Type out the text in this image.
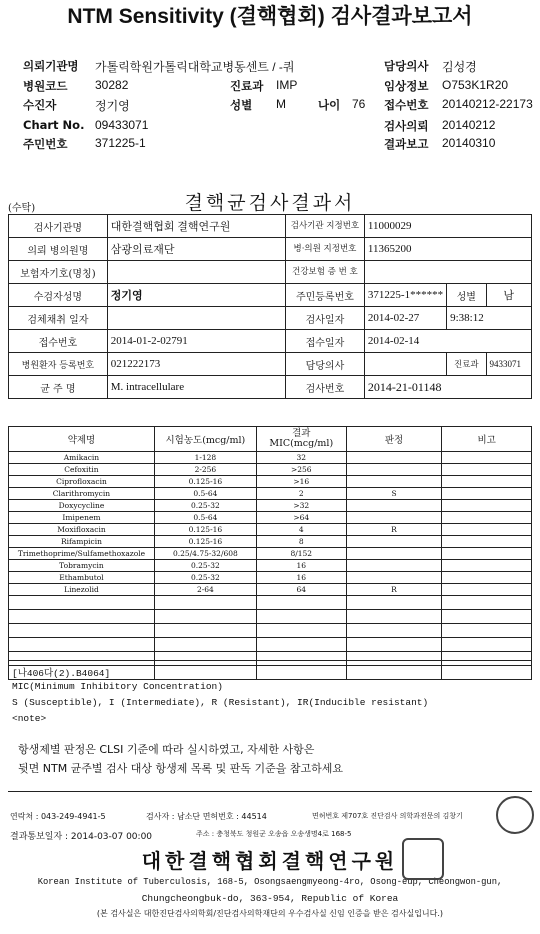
NTM Sensitivity (결핵협회) 검사결과보고서
의뢰기관명 가톨릭학원가톨릭대학교병동센트 / -쿼
병원코드 30282
수진자	정기영
Chart No. 09433071
주민번호 371225-1
진료과 IMP
성별 M	나이 76
담당의사 김성경
임상정보 O753K1R20
접수번호 20140212-22173
검사의뢰 20140212
결과보고 20140310
(수탁)	결핵균검사결과서
검사기관명	대한결핵협회 결핵연구원	검사기관 지정번호	11000029		
의뢰 병의원명	삼광의료재단	병·의원 지정번호	11365200		
보험자기호(명칭)		건강보험 증 번 호			
수검자성명	정기영	주민등록번호	371225-1******	성별	남
검체채취 일자		검사일자	2014-02-27	9:38:12	
접수번호	2014-01-2-02791	접수일자	2014-02-14		
병원환자 등록번호	021222173	담당의사		진료과	9433071
균 주 명	M. intracellulare	검사번호	2014-21-01148		
약제명	시험농도(mcg/ml)	결과 MIC(mcg/ml)	판정	비고
Amikacin	1-128	32		
Cefoxitin	2-256	>256		
Ciprofloxacin	0.125-16	>16		
Clarithromycin	0.5-64	2	S	
Doxycycline	0.25-32	>32		
Imipenem	0.5-64	>64		
Moxifloxacin	0.125-16	4	R	
Rifampicin	0.125-16	8		
Trimethoprime/Sulfamethoxazole	0.25/4.75-32/608	8/152		
Tobramycin	0.25-32	16		
Ethambutol	0.25-32	16		
Linezolid	2-64	64	R	

[나406다(2).B4064]
MIC(Minimum Inhibitory Concentration)
S (Susceptible), I (Intermediate), R (Resistant), IR(Inducible resistant)
<note>
항생제별 판정은 CLSI 기준에 따라 실시하였고, 자세한 사항은
뒷면 NTM 균주별 검사 대상 항생제 목록 및 판독 기준을 참고하세요
연락처 : 043-249-4941-5	검사자 : 남소단 면허번호 : 44514	면허번호 제707호 진단검사 의학과전문의 김창기
결과통보일자 : 2014-03-07 00:00	주소 : 충청북도 청원군 오송읍 오송생명4로 168-5
대한결핵협회결핵연구원
Korean Institute of Tuberculosis, 168-5, Osongsaengmyeong-4ro, Osong-eup, Cheongwon-gun,
Chungcheongbuk-do, 363-954, Republic of Korea
(본 검사실은 대한진단검사의학회/진단검사의학재단의 우수검사실 신임 인증을 받은 검사실입니다.)
